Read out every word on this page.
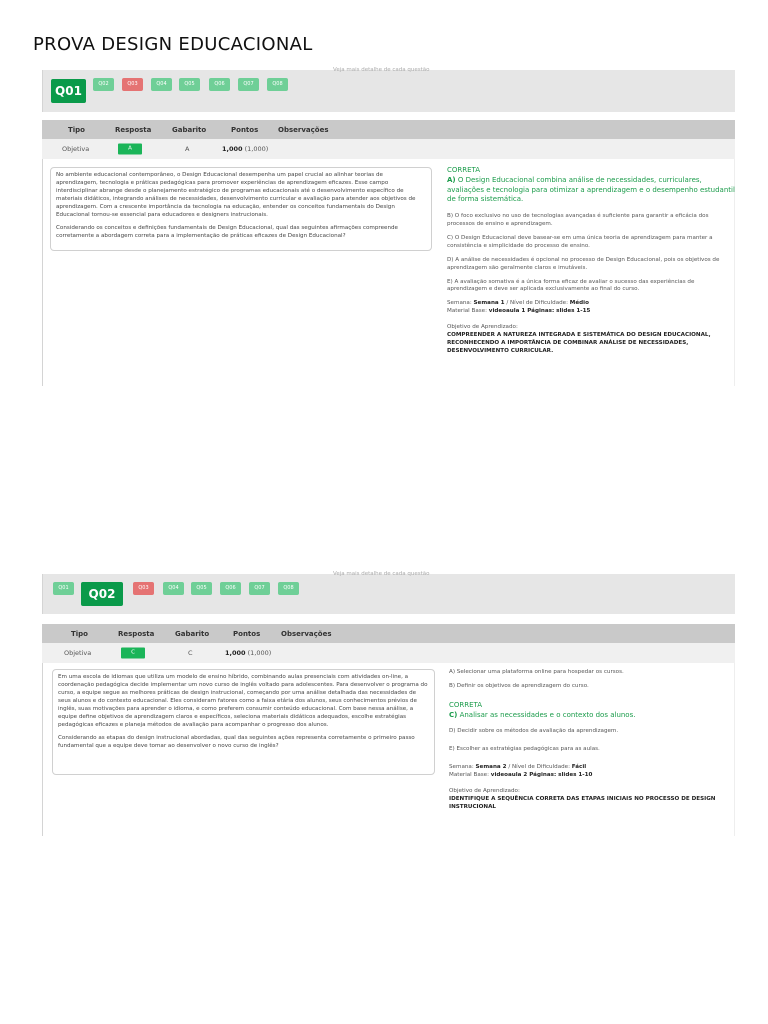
PROVA DESIGN EDUCACIONAL
Veja mais detalhe de cada questão
Q01	Q02	Q03	Q04	Q05	Q06	Q07	Q08
Tipo	Resposta	Gabarito	Pontos	Observações
Objetiva	A	A	1,000 (1,000)

No ambiente educacional contemporâneo, o Design Educacional desempenha um papel crucial ao alinhar teorias de aprendizagem, tecnologia e práticas pedagógicas para promover experiências de aprendizagem eficazes. Esse campo interdisciplinar abrange desde o planejamento estratégico de programas educacionais até o desenvolvimento específico de materiais didáticos, integrando análises de necessidades, desenvolvimento curricular e avaliação para atender aos objetivos de aprendizagem. Com a crescente importância da tecnologia na educação, entender os conceitos fundamentais do Design Educacional tornou-se essencial para educadores e designers instrucionais.

Considerando os conceitos e definições fundamentais de Design Educacional, qual das seguintes afirmações compreende corretamente a abordagem correta para a implementação de práticas eficazes de Design Educacional?

CORRETA

A) O Design Educacional combina análise de necessidades, curriculares, avaliações e tecnologia para otimizar a aprendizagem e o desempenho estudantil de forma sistemática.

B) O foco exclusivo no uso de tecnologias avançadas é suficiente para garantir a eficácia dos processos de ensino e aprendizagem.

C) O Design Educacional deve basear-se em uma única teoria de aprendizagem para manter a consistência e simplicidade do processo de ensino.

D) A análise de necessidades é opcional no processo de Design Educacional, pois os objetivos de aprendizagem são geralmente claros e imutáveis.

E) A avaliação somativa é a única forma eficaz de avaliar o sucesso das experiências de aprendizagem e deve ser aplicada exclusivamente ao final do curso.

Semana: Semana 1 / Nível de Dificuldade: Médio
Material Base: videoaula 1 Páginas: slides 1-15

Objetivo de Aprendizado:

COMPREENDER A NATUREZA INTEGRADA E SISTEMÁTICA DO DESIGN EDUCACIONAL, RECONHECENDO A IMPORTÂNCIA DE COMBINAR ANÁLISE DE NECESSIDADES, DESENVOLVIMENTO CURRICULAR.

Veja mais detalhe de cada questão
Q01	Q02	Q03	Q04	Q05	Q06	Q07	Q08
Tipo	Resposta	Gabarito	Pontos	Observações
Objetiva	C	C	1,000 (1,000)

Em uma escola de idiomas que utiliza um modelo de ensino híbrido, combinando aulas presenciais com atividades on-line, a coordenação pedagógica decide implementar um novo curso de inglês voltado para adolescentes. Para desenvolver o programa do curso, a equipe segue as melhores práticas de design instrucional, começando por uma análise detalhada das necessidades de seus alunos e do contexto educacional. Eles consideram fatores como a faixa etária dos alunos, seus conhecimentos prévios de inglês, suas motivações para aprender o idioma, e como preferem consumir conteúdo educacional. Com base nessa análise, a equipe define objetivos de aprendizagem claros e específicos, seleciona materiais didáticos adequados, escolhe estratégias pedagógicas eficazes e planeja métodos de avaliação para acompanhar o progresso dos alunos.

Considerando as etapas do design instrucional abordadas, qual das seguintes ações representa corretamente o primeiro passo fundamental que a equipe deve tomar ao desenvolver o novo curso de inglês?

A) Selecionar uma plataforma online para hospedar os cursos.

B) Definir os objetivos de aprendizagem do curso.

CORRETA

C) Analisar as necessidades e o contexto dos alunos.

D) Decidir sobre os métodos de avaliação da aprendizagem.

E) Escolher as estratégias pedagógicas para as aulas.

Semana: Semana 2 / Nível de Dificuldade: Fácil
Material Base: videoaula 2 Páginas: slides 1-10

Objetivo de Aprendizado:

IDENTIFIQUE A SEQUÊNCIA CORRETA DAS ETAPAS INICIAIS NO PROCESSO DE DESIGN INSTRUCIONAL
